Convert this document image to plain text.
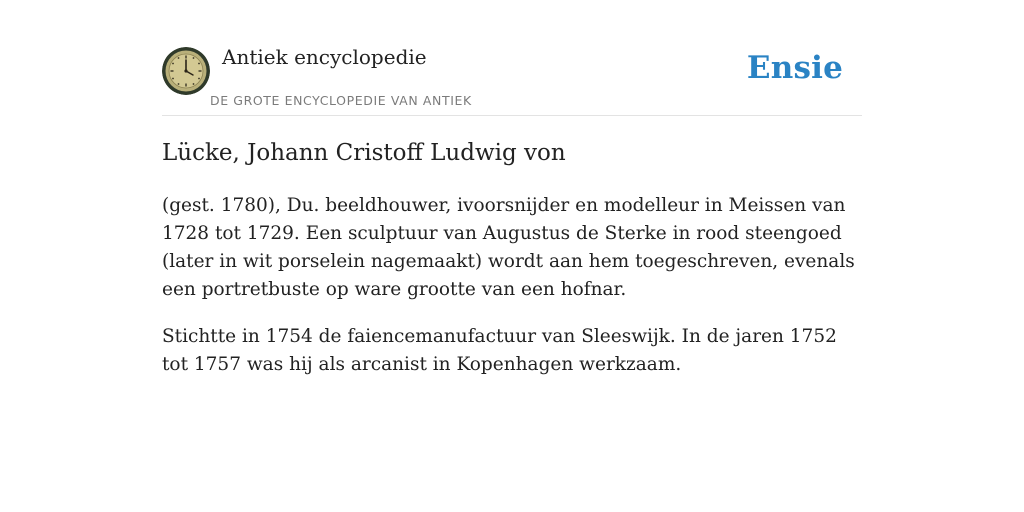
Antiek encyclopedie
DE GROTE ENCYCLOPEDIE VAN ANTIEK
Ensie
Lücke, Johann Cristoff Ludwig von

(gest. 1780), Du. beeldhouwer, ivoorsnijder en modelleur in Meissen van 1728 tot 1729. Een sculptuur van Augustus de Sterke in rood steengoed (later in wit porselein nagemaakt) wordt aan hem toegeschreven, evenals een portretbuste op ware grootte van een hofnar.

Stichtte in 1754 de faiencemanufactuur van Sleeswijk. In de jaren 1752 tot 1757 was hij als arcanist in Kopenhagen werkzaam.
